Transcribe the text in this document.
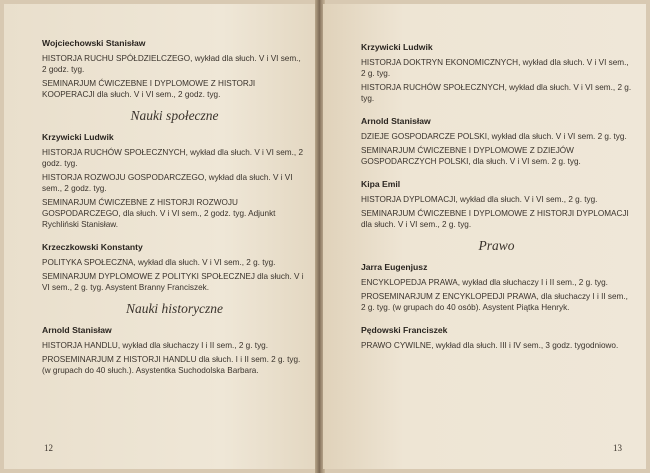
Wojciechowski Stanisław
HISTORJA RUCHU SPÓŁDZIELCZEGO, wykład dla słuch. V i VI sem., 2 godz. tyg.
SEMINARJUM ĆWICZEBNE I DYPLOMOWE Z HISTORJI KOOPERACJI dla słuch. V i VI sem., 2 godz. tyg.
Nauki społeczne
Krzywicki Ludwik
HISTORJA RUCHÓW SPOŁECZNYCH, wykład dla słuch. V i VI sem., 2 godz. tyg.
HISTORJA ROZWOJU GOSPODARCZEGO, wykład dla słuch. V i VI sem., 2 godz. tyg.
SEMINARJUM ĆWICZEBNE Z HISTORJI ROZWOJU GOSPODARCZEGO, dla słuch. V i VI sem., 2 godz. tyg. Adjunkt Rychliński Stanisław.
Krzeczkowski Konstanty
POLITYKA SPOŁECZNA, wykład dla słuch. V i VI sem., 2 g. tyg.
SEMINARJUM DYPLOMOWE Z POLITYKI SPOŁECZNEJ dla słuch. V i VI sem., 2 g. tyg. Asystent Branny Franciszek.
Nauki historyczne
Arnold Stanisław
HISTORJA HANDLU, wykład dla słuchaczy I i II sem., 2 g. tyg.
PROSEMINARJUM Z HISTORJI HANDLU dla słuch. I i II sem. 2 g. tyg. (w grupach do 40 słuch.). Asystentka Suchodolska Barbara.
12
Krzywicki Ludwik
HISTORJA DOKTRYN EKONOMICZNYCH, wykład dla słuch. V i VI sem., 2 g. tyg.
HISTORJA RUCHÓW SPOŁECZNYCH, wykład dla słuch. V i VI sem., 2 g. tyg.
Arnold Stanisław
DZIEJE GOSPODARCZE POLSKI, wykład dla słuch. V i VI sem. 2 g. tyg.
SEMINARJUM ĆWICZEBNE I DYPLOMOWE Z DZIEJÓW GOSPODARCZYCH POLSKI, dla słuch. V i VI sem. 2 g. tyg.
Kipa Emil
HISTORJA DYPLOMACJI, wykład dla słuch. V i VI sem., 2 g. tyg.
SEMINARJUM ĆWICZEBNE I DYPLOMOWE Z HISTORJI DYPLOMACJI dla słuch. V i VI sem., 2 g. tyg.
Prawo
Jarra Eugenjusz
ENCYKLOPEDJA PRAWA, wykład dla słuchaczy I i II sem., 2 g. tyg.
PROSEMINARJUM Z ENCYKLOPEDJI PRAWA, dla słuchaczy I i II sem., 2 g. tyg. (w grupach do 40 osób). Asystent Piątka Henryk.
Pędowski Franciszek
PRAWO CYWILNE, wykład dla słuch. III i IV sem., 3 godz. tygodniowo.
13
